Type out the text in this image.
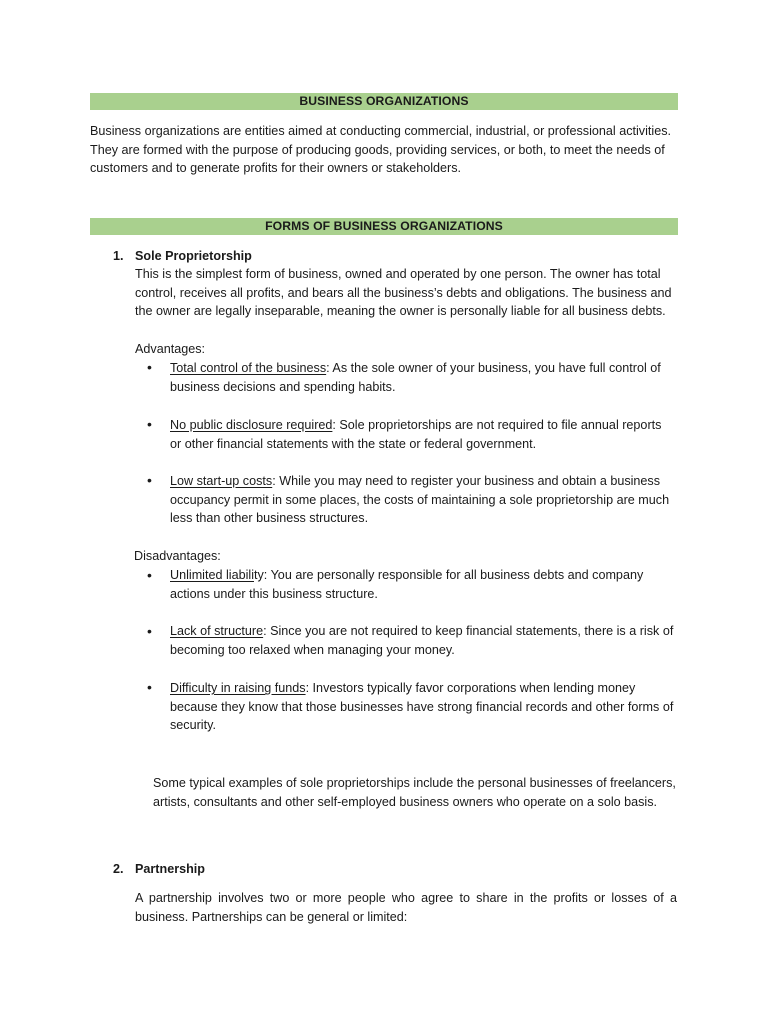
BUSINESS ORGANIZATIONS
Business organizations are entities aimed at conducting commercial, industrial, or professional activities. They are formed with the purpose of producing goods, providing services, or both, to meet the needs of customers and to generate profits for their owners or stakeholders.
FORMS OF BUSINESS ORGANIZATIONS
1. Sole Proprietorship
This is the simplest form of business, owned and operated by one person. The owner has total control, receives all profits, and bears all the business’s debts and obligations. The business and the owner are legally inseparable, meaning the owner is personally liable for all business debts.
Advantages:
• Total control of the business: As the sole owner of your business, you have full control of business decisions and spending habits.
• No public disclosure required: Sole proprietorships are not required to file annual reports or other financial statements with the state or federal government.
• Low start-up costs: While you may need to register your business and obtain a business occupancy permit in some places, the costs of maintaining a sole proprietorship are much less than other business structures.
Disadvantages:
• Unlimited liability: You are personally responsible for all business debts and company actions under this business structure.
• Lack of structure: Since you are not required to keep financial statements, there is a risk of becoming too relaxed when managing your money.
• Difficulty in raising funds: Investors typically favor corporations when lending money because they know that those businesses have strong financial records and other forms of security.
Some typical examples of sole proprietorships include the personal businesses of freelancers, artists, consultants and other self-employed business owners who operate on a solo basis.
2. Partnership
A partnership involves two or more people who agree to share in the profits or losses of a business. Partnerships can be general or limited:
